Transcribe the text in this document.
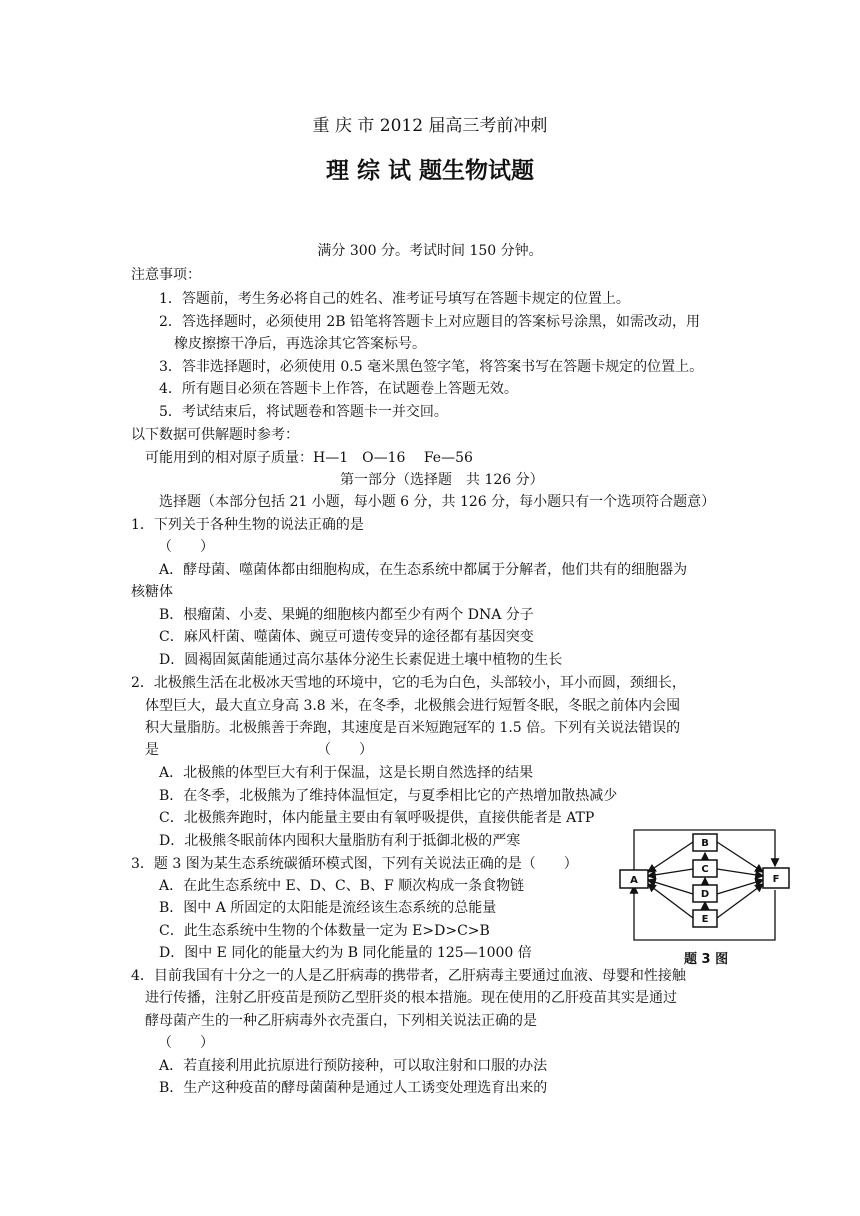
重 庆 市 2012 届高三考前冲刺
理 综 试 题生物试题
满分 300 分。考试时间 150 分钟。
注意事项：
1．答题前，考生务必将自己的姓名、准考证号填写在答题卡规定的位置上。
2．答选择题时，必须使用 2B 铅笔将答题卡上对应题目的答案标号涂黑，如需改动，用
橡皮擦擦干净后，再选涂其它答案标号。
3．答非选择题时，必须使用 0.5 毫米黑色签字笔，将答案书写在答题卡规定的位置上。
4．所有题目必须在答题卡上作答，在试题卷上答题无效。
5．考试结束后，将试题卷和答题卡一并交回。
以下数据可供解题时参考：
可能用到的相对原子质量：H—1　O—16　 Fe—56
第一部分（选择题　共 126 分）
选择题（本部分包括 21 小题，每小题 6 分，共 126 分，每小题只有一个选项符合题意）
1．下列关于各种生物的说法正确的是
（　　）
A．酵母菌、噬菌体都由细胞构成，在生态系统中都属于分解者，他们共有的细胞器为
核糖体
B．根瘤菌、小麦、果蝇的细胞核内都至少有两个 DNA 分子
C．麻风杆菌、噬菌体、豌豆可遗传变异的途径都有基因突变
D．圆褐固氮菌能通过高尔基体分泌生长素促进土壤中植物的生长
2．北极熊生活在北极冰天雪地的环境中，它的毛为白色，头部较小，耳小而圆，颈细长，
体型巨大，最大直立身高 3.8 米，在冬季，北极熊会进行短暂冬眠，冬眠之前体内会囤
积大量脂肪。北极熊善于奔跑，其速度是百米短跑冠军的 1.5 倍。下列有关说法错误的
是	（　　）
A．北极熊的体型巨大有利于保温，这是长期自然选择的结果
B．在冬季，北极熊为了维持体温恒定，与夏季相比它的产热增加散热减少
C．北极熊奔跑时，体内能量主要由有氧呼吸提供，直接供能者是 ATP
D．北极熊冬眠前体内囤积大量脂肪有利于抵御北极的严寒
3．题 3 图为某生态系统碳循环模式图，下列有关说法正确的是（　　）
A．在此生态系统中 E、D、C、B、F 顺次构成一条食物链
B．图中 A 所固定的太阳能是流经该生态系统的总能量
C．此生态系统中生物的个体数量一定为 E>D>C>B
D．图中 E 同化的能量大约为 B 同化能量的 125—1000 倍
4．目前我国有十分之一的人是乙肝病毒的携带者，乙肝病毒主要通过血液、母婴和性接触
进行传播，注射乙肝疫苗是预防乙型肝炎的根本措施。现在使用的乙肝疫苗其实是通过
酵母菌产生的一种乙肝病毒外衣壳蛋白，下列相关说法正确的是
（　　）
A．若直接利用此抗原进行预防接种，可以取注射和口服的办法
B．生产这种疫苗的酵母菌菌种是通过人工诱变处理选育出来的
A
B
C
D
E
F
题 3 图
